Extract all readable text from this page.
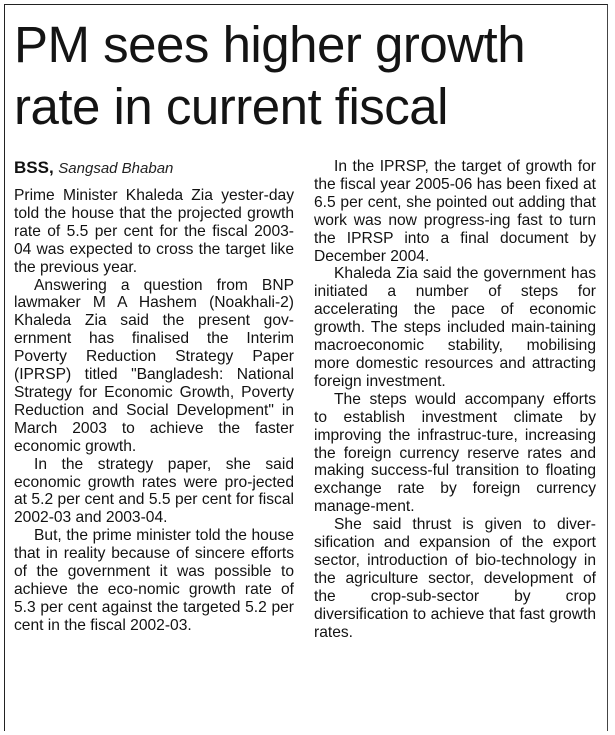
PM sees higher growth
rate in current fiscal

BSS, Sangsad Bhaban

Prime Minister Khaleda Zia yester-day told the house that the projected growth rate of 5.5 per cent for the fiscal 2003-04 was expected to cross the target like the previous year.

Answering a question from BNP lawmaker M A Hashem (Noakhali-2) Khaleda Zia said the present gov-ernment has finalised the Interim Poverty Reduction Strategy Paper (IPRSP) titled "Bangladesh: National Strategy for Economic Growth, Poverty Reduction and Social Development" in March 2003 to achieve the faster economic growth.

In the strategy paper, she said economic growth rates were pro-jected at 5.2 per cent and 5.5 per cent for fiscal 2002-03 and 2003-04.

But, the prime minister told the house that in reality because of sincere efforts of the government it was possible to achieve the eco-nomic growth rate of 5.3 per cent against the targeted 5.2 per cent in the fiscal 2002-03.

In the IPRSP, the target of growth for the fiscal year 2005-06 has been fixed at 6.5 per cent, she pointed out adding that work was now progress-ing fast to turn the IPRSP into a final document by December 2004.

Khaleda Zia said the government has initiated a number of steps for accelerating the pace of economic growth. The steps included main-taining macroeconomic stability, mobilising more domestic resources and attracting foreign investment.

The steps would accompany efforts to establish investment climate by improving the infrastruc-ture, increasing the foreign currency reserve rates and making success-ful transition to floating exchange rate by foreign currency manage-ment.

She said thrust is given to diver-sification and expansion of the export sector, introduction of bio-technology in the agriculture sector, development of the crop-sub-sector by crop diversification to achieve that fast growth rates.
